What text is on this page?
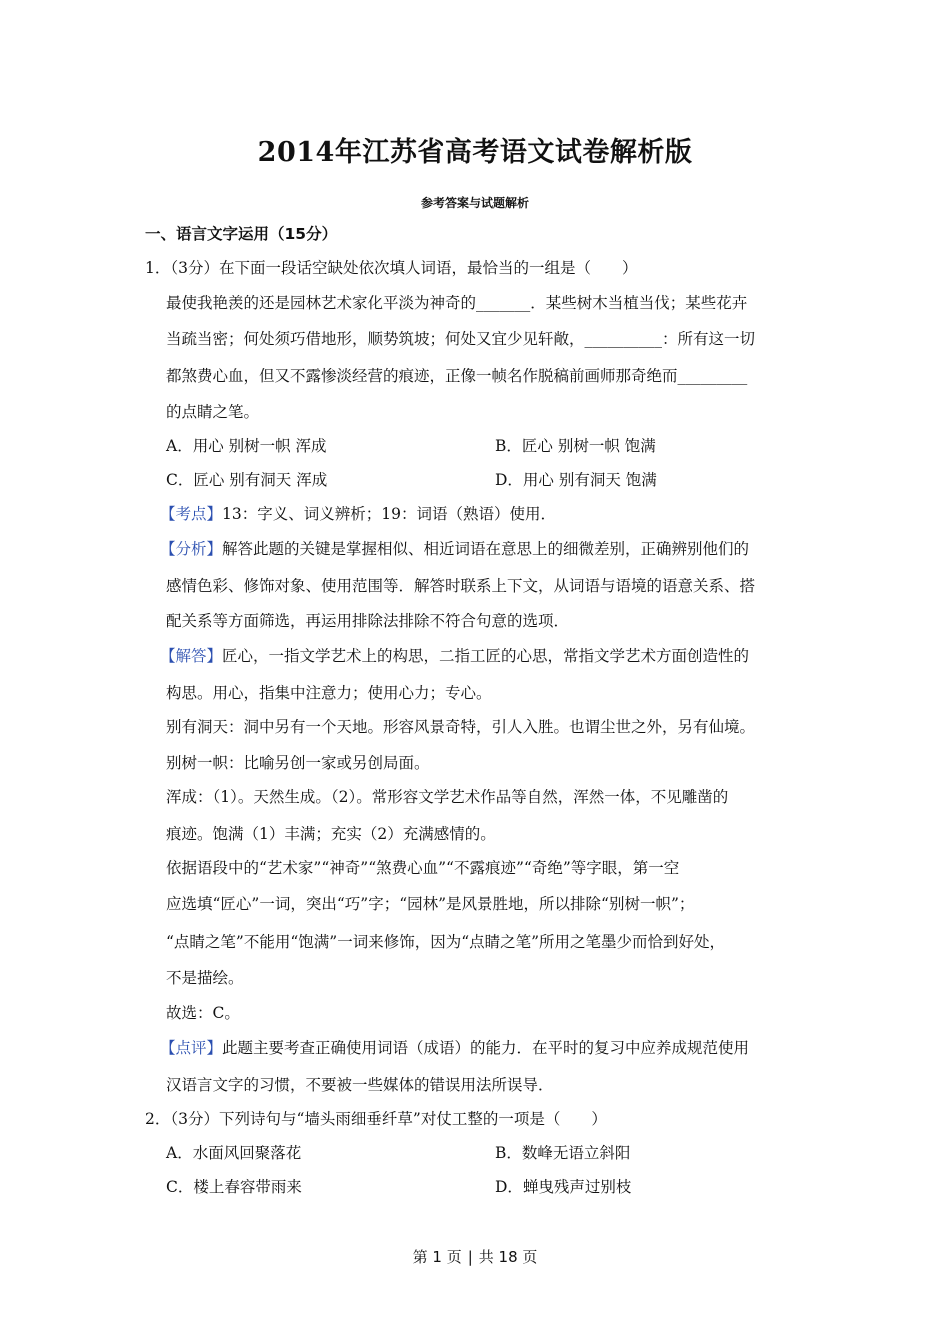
2014年江苏省高考语文试卷解析版
参考答案与试题解析
一、语言文字运用（15分）
1．（3分）在下面一段话空缺处依次填人词语，最恰当的一组是（　　）
最使我艳羡的还是园林艺术家化平淡为神奇的_______．某些树木当植当伐；某些花卉
当疏当密；何处须巧借地形，顺势筑坡；何处又宜少见轩敞，__________：所有这一切
都煞费心血，但又不露惨淡经营的痕迹，正像一帧名作脱稿前画师那奇绝而_________
的点睛之笔。
A．用心 别树一帜 浑成	B．匠心 别树一帜 饱满
C．匠心 别有洞天 浑成	D．用心 别有洞天 饱满
【考点】13：字义、词义辨析；19：词语（熟语）使用．
【分析】解答此题的关键是掌握相似、相近词语在意思上的细微差别，正确辨别他们的
感情色彩、修饰对象、使用范围等．解答时联系上下文，从词语与语境的语意关系、搭
配关系等方面筛选，再运用排除法排除不符合句意的选项．
【解答】匠心，一指文学艺术上的构思，二指工匠的心思，常指文学艺术方面创造性的
构思。用心，指集中注意力；使用心力；专心。
别有洞天：洞中另有一个天地。形容风景奇特，引人入胜。也谓尘世之外，另有仙境。
别树一帜：比喻另创一家或另创局面。
浑成：（1）。天然生成。（2）。常形容文学艺术作品等自然，浑然一体，不见雕凿的
痕迹。饱满（1）丰满；充实（2）充满感情的。
依据语段中的“艺术家”“神奇”“煞费心血”“不露痕迹”“奇绝”等字眼，第一空
应选填“匠心”一词，突出“巧”字；“园林”是风景胜地，所以排除“别树一帜”；
“点睛之笔”不能用“饱满”一词来修饰，因为“点睛之笔”所用之笔墨少而恰到好处，
不是描绘。
故选：C。
【点评】此题主要考查正确使用词语（成语）的能力．在平时的复习中应养成规范使用
汉语言文字的习惯，不要被一些媒体的错误用法所误导．
2．（3分）下列诗句与“墙头雨细垂纤草”对仗工整的一项是（　　）
A．水面风回聚落花	B．数峰无语立斜阳
C．楼上春容带雨来	D．蝉曳残声过别枝
第 1 页 | 共 18 页
